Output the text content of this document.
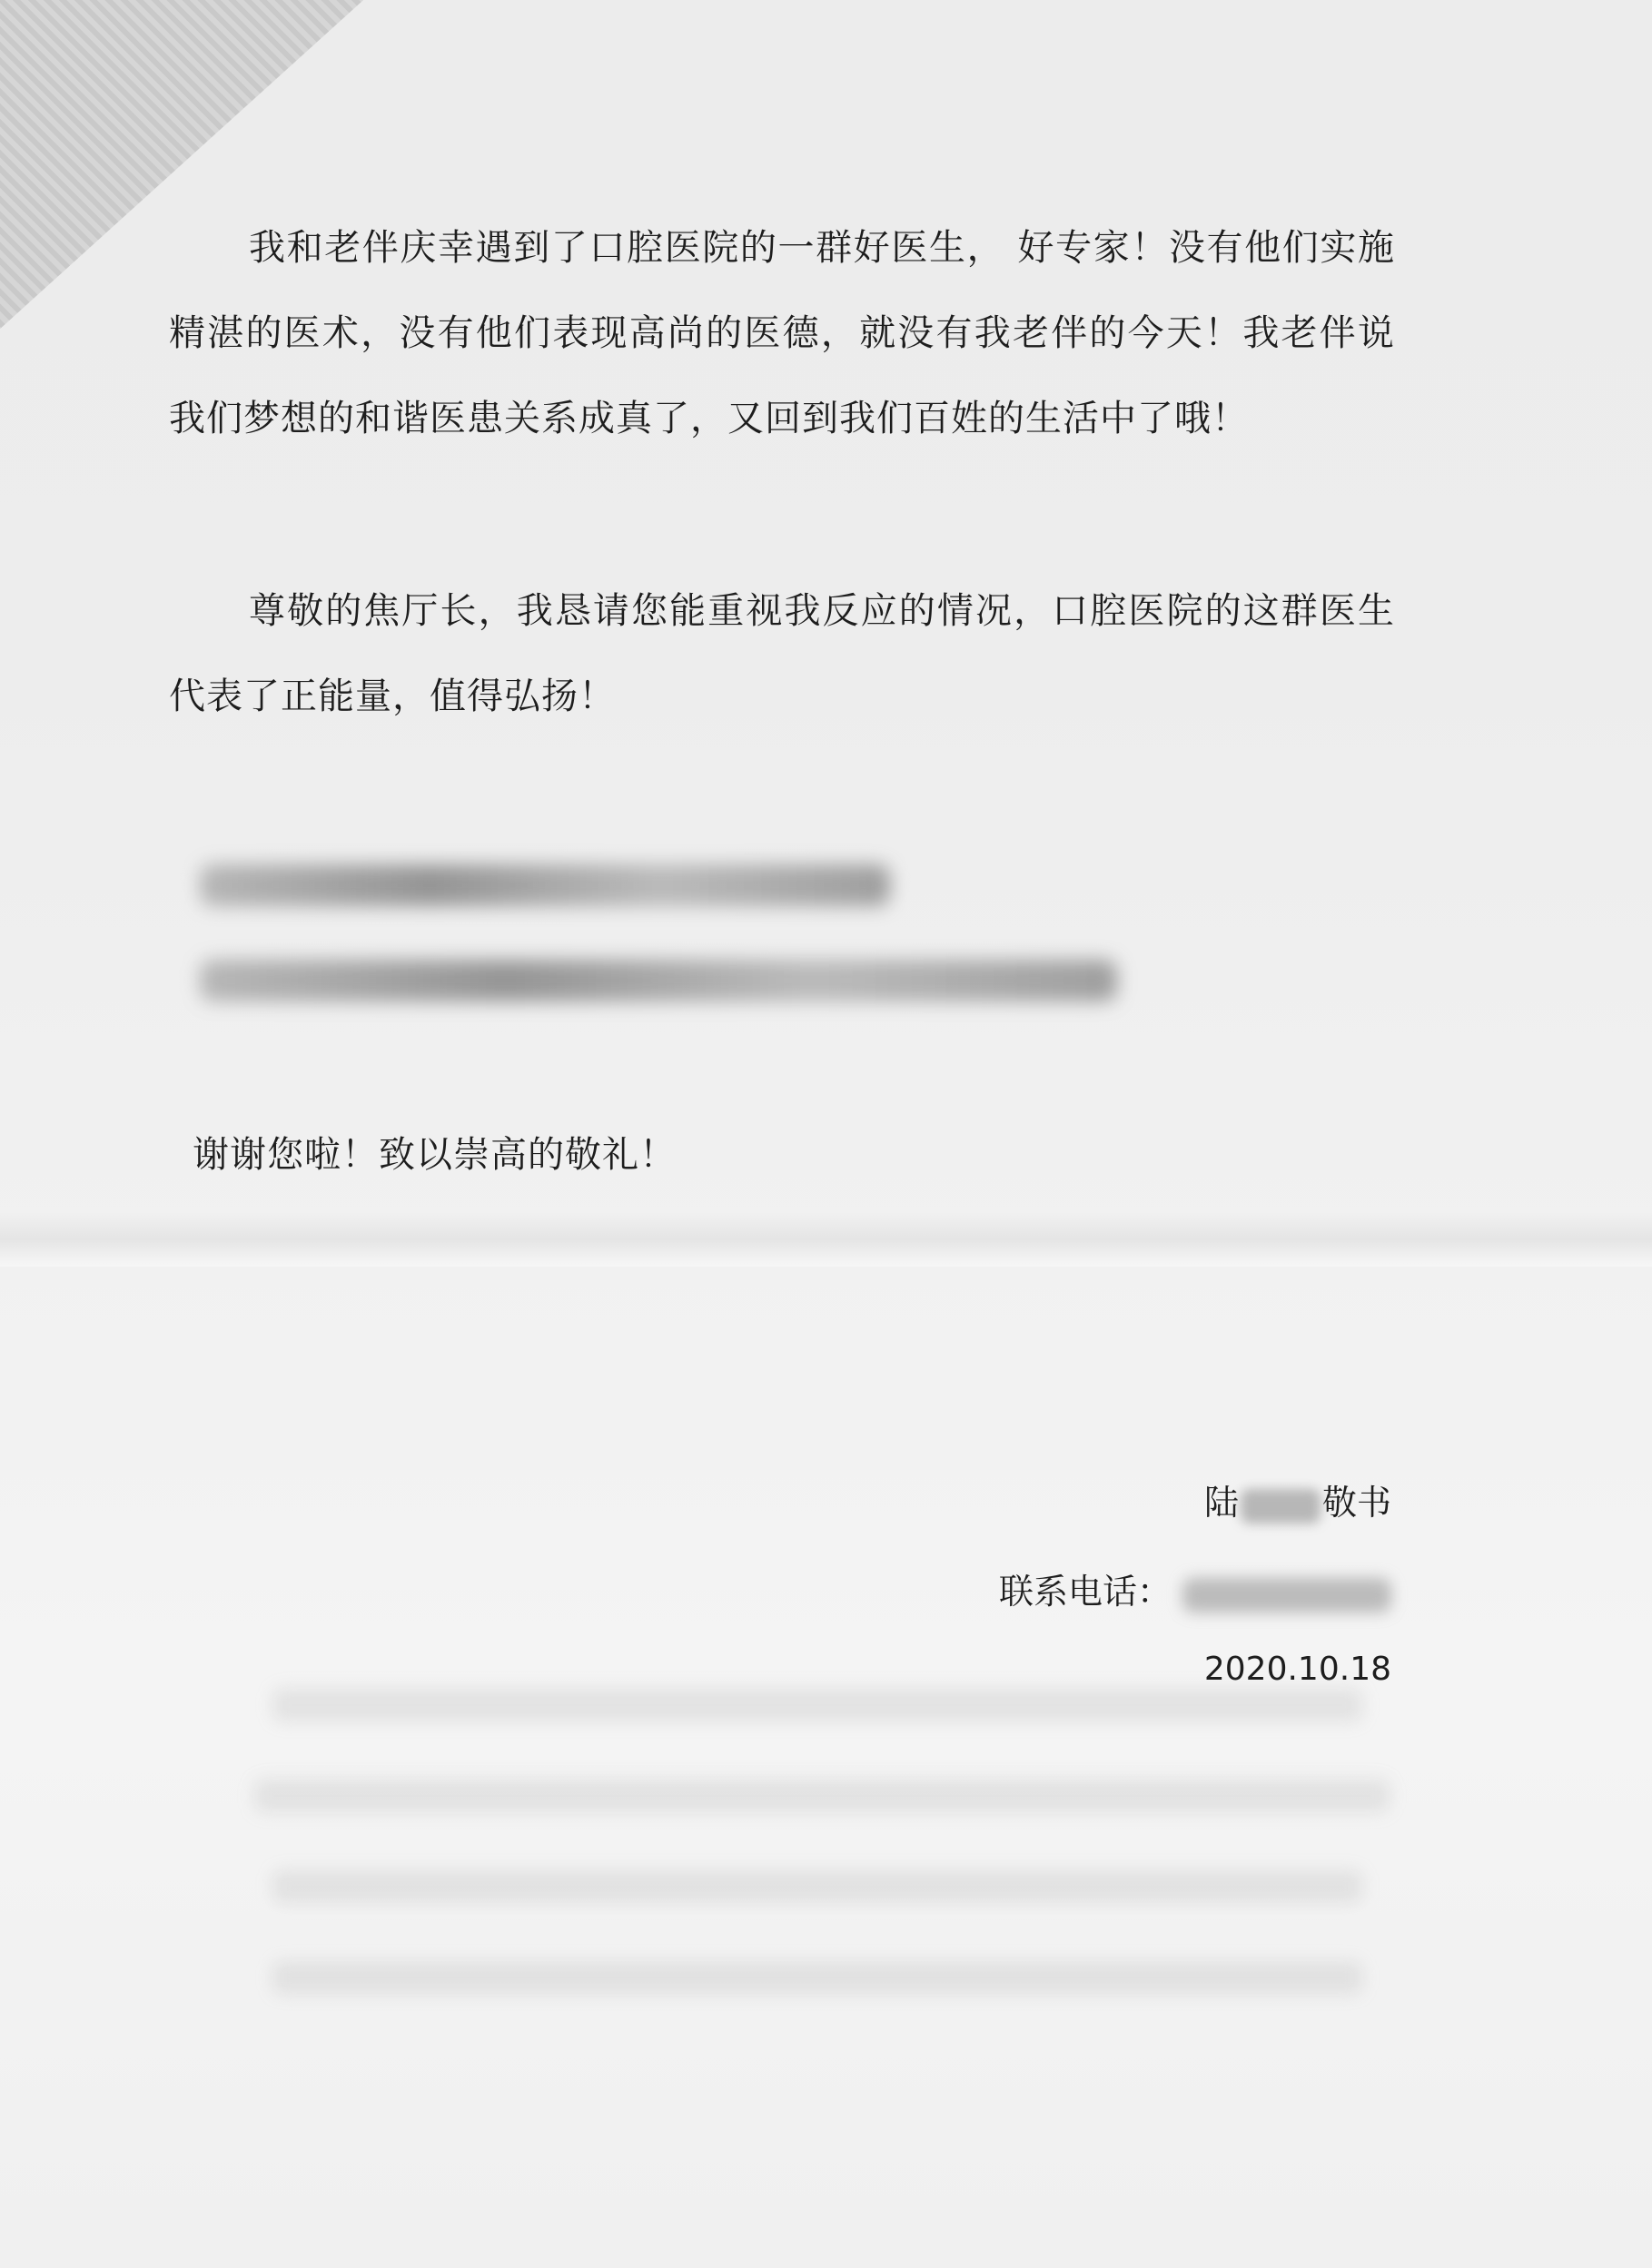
我和老伴庆幸遇到了口腔医院的一群好医生， 好专家！没有他们实施精湛的医术，没有他们表现高尚的医德，就没有我老伴的今天！我老伴说我们梦想的和谐医患关系成真了，又回到我们百姓的生活中了哦！

尊敬的焦厅长，我恳请您能重视我反应的情况，口腔医院的这群医生代表了正能量，值得弘扬！

谢谢您啦！致以崇高的敬礼！

陆 敬书
联系电话：
2020.10.18
